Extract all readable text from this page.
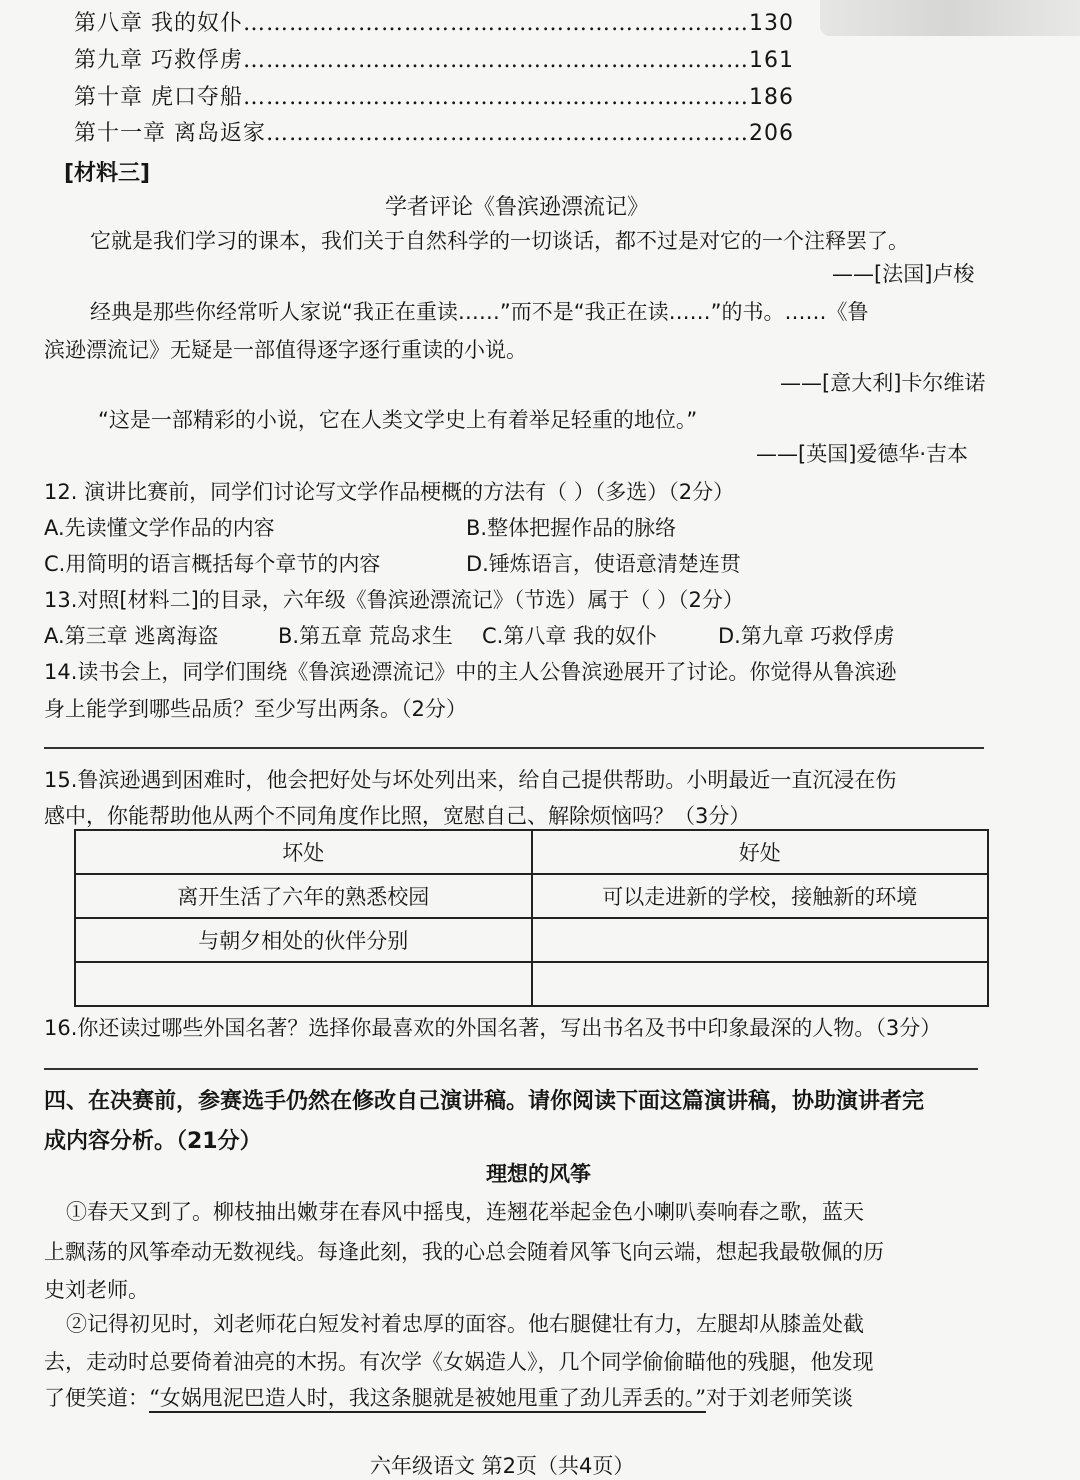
第八章 我的奴仆…………………………………………………………130
第九章 巧救俘虏…………………………………………………………161
第十章 虎口夺船…………………………………………………………186
第十一章 离岛返家………………………………………………………206
[材料三]
学者评论《鲁滨逊漂流记》
它就是我们学习的课本，我们关于自然科学的一切谈话，都不过是对它的一个注释罢了。
——[法国]卢梭
经典是那些你经常听人家说“我正在重读……”而不是“我正在读……”的书。……《鲁
滨逊漂流记》无疑是一部值得逐字逐行重读的小说。
——[意大利]卡尔维诺
“这是一部精彩的小说，它在人类文学史上有着举足轻重的地位。”
——[英国]爱德华·吉本
12. 演讲比赛前，同学们讨论写文学作品梗概的方法有（ ）（多选）（2分）
A.先读懂文学作品的内容	B.整体把握作品的脉络
C.用简明的语言概括每个章节的内容	D.锤炼语言，使语意清楚连贯
13.对照[材料二]的目录，六年级《鲁滨逊漂流记》（节选）属于（ ）（2分）
A.第三章 逃离海盗	B.第五章 荒岛求生 C.第八章 我的奴仆	D.第九章 巧救俘虏
14.读书会上，同学们围绕《鲁滨逊漂流记》中的主人公鲁滨逊展开了讨论。你觉得从鲁滨逊
身上能学到哪些品质？至少写出两条。（2分）
15.鲁滨逊遇到困难时，他会把好处与坏处列出来，给自己提供帮助。小明最近一直沉浸在伤
感中，你能帮助他从两个不同角度作比照，宽慰自己、解除烦恼吗？（3分）
坏处	好处
离开生活了六年的熟悉校园	可以走进新的学校，接触新的环境
与朝夕相处的伙伴分别	

16.你还读过哪些外国名著？选择你最喜欢的外国名著，写出书名及书中印象最深的人物。（3分）
四、在决赛前，参赛选手仍然在修改自己演讲稿。请你阅读下面这篇演讲稿，协助演讲者完
成内容分析。（21分）
理想的风筝
①春天又到了。柳枝抽出嫩芽在春风中摇曳，连翘花举起金色小喇叭奏响春之歌，蓝天
上飘荡的风筝牵动无数视线。每逢此刻，我的心总会随着风筝飞向云端，想起我最敬佩的历
史刘老师。
②记得初见时，刘老师花白短发衬着忠厚的面容。他右腿健壮有力，左腿却从膝盖处截
去，走动时总要倚着油亮的木拐。有次学《女娲造人》，几个同学偷偷瞄他的残腿，他发现
了便笑道：“女娲甩泥巴造人时，我这条腿就是被她甩重了劲儿弄丢的。”对于刘老师笑谈
六年级语文 第2页（共4页）
